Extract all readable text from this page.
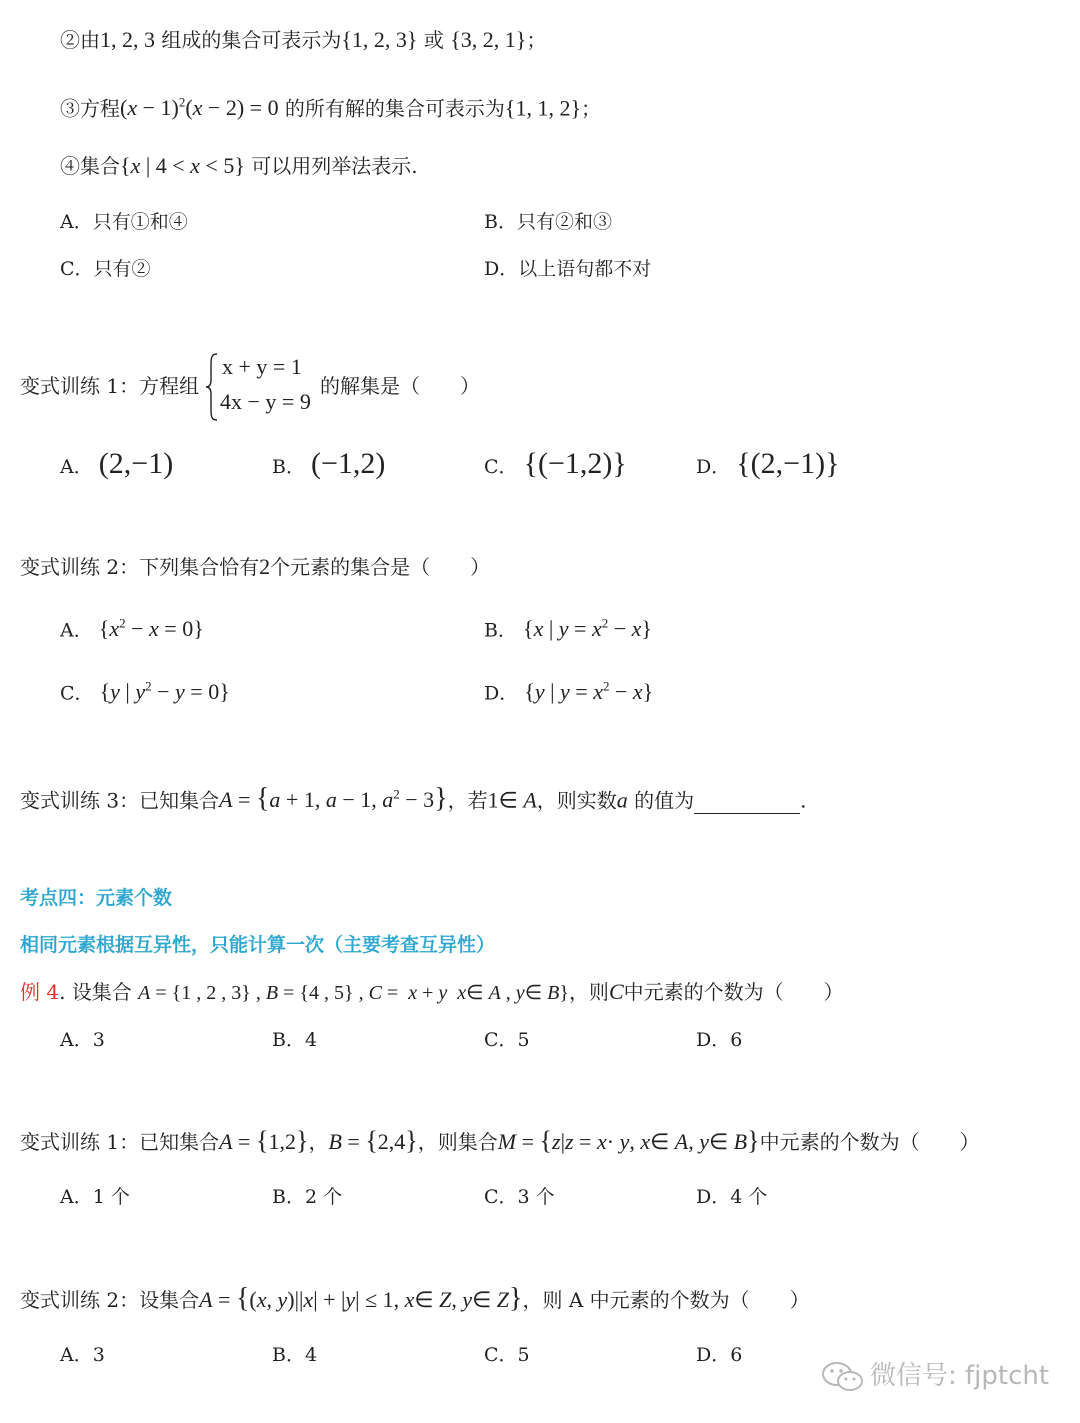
②由1, 2, 3 组成的集合可表示为{1, 2, 3} 或 {3, 2, 1}；
③方程$(x - 1)^2(x - 2) = 0$ 的所有解的集合可表示为{1, 1, 2}；
④集合{x | 4 < x < 5} 可以用列举法表示.
A．只有①和④	B．只有②和③
C．只有②	D．以上语句都不对
变式训练 1：方程组
x + y = 1
4x − y = 9
的解集是（　　）
A． (2,−1)	B． (−1,2)	C． {(−1,2)}	D． {(2,−1)}
变式训练 2：下列集合恰有2个元素的集合是（　　）
A． $\{x^2 - x = 0\}$	B． {x | $y = x^2 - x$}
C． {y | $y^2 - y = 0$}	D． {y | $y = x^2 - x$}
变式训练 3：已知集合A = {a + 1, a − 1, $a^2 - 3$}，若1∈ A，则实数a 的值为	.
考点四：元素个数
相同元素根据互异性，只能计算一次（主要考查互异性）
例 4. 设集合 A = {1 , 2 , 3} , B = {4 , 5} , C =  x + y x∈ A , y∈ B}，则C中元素的个数为（　　）
A．3	B．4	C．5	D．6
变式训练 1：已知集合A = {1,2}，B = {2,4}，则集合M = {z|z = x· y, x∈ A, y∈ B}中元素的个数为（　　）
A．1 个	B．2 个	C．3 个	D．4 个
变式训练 2：设集合A = {(x, y)||x| + |y| ≤ 1, x∈ Z, y∈ Z}，则 A 中元素的个数为（　　）
A．3	B．4	C．5	D．6
微信号: fjptcht
